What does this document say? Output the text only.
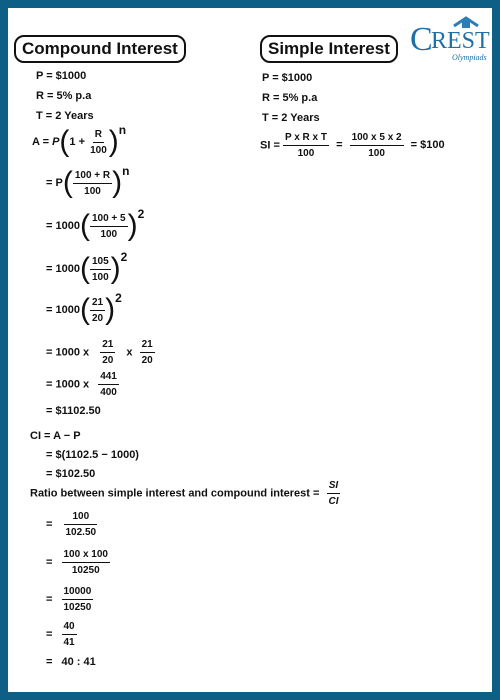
C
REST
Olympiads
Compound Interest	Simple Interest
P = $1000
R = 5% p.a
T = 2 Years
$A = P(1 + \frac{R}{100} )n$
= $P( \frac{100 + R}{100} )n$
= $1000( \frac{100 + 5}{100} )2$
= $1000( \frac{105}{100} )2$
= $1000( \frac{21}{20} )2$
= 1000 x $\frac{21}{20}$ x $\frac{21}{20}$
= 1000 x $\frac{441}{400}$
= $1102.50
CI = A − P
= $(1102.5 − 1000)
= $102.50
P = $1000
R = 5% p.a
T = 2 Years
SI = $\frac{\text{P x R x T}}{100} = \frac{100 x 5 x 2}{100}$ = $100
Ratio between simple interest and compound interest = $\frac{SI}{CI}$
= $\frac{100}{102.50}$
= $\frac{100 x 100}{10250}$
= $\frac{10000}{10250}$
= $\frac{40}{41}$
= 40 : 41
